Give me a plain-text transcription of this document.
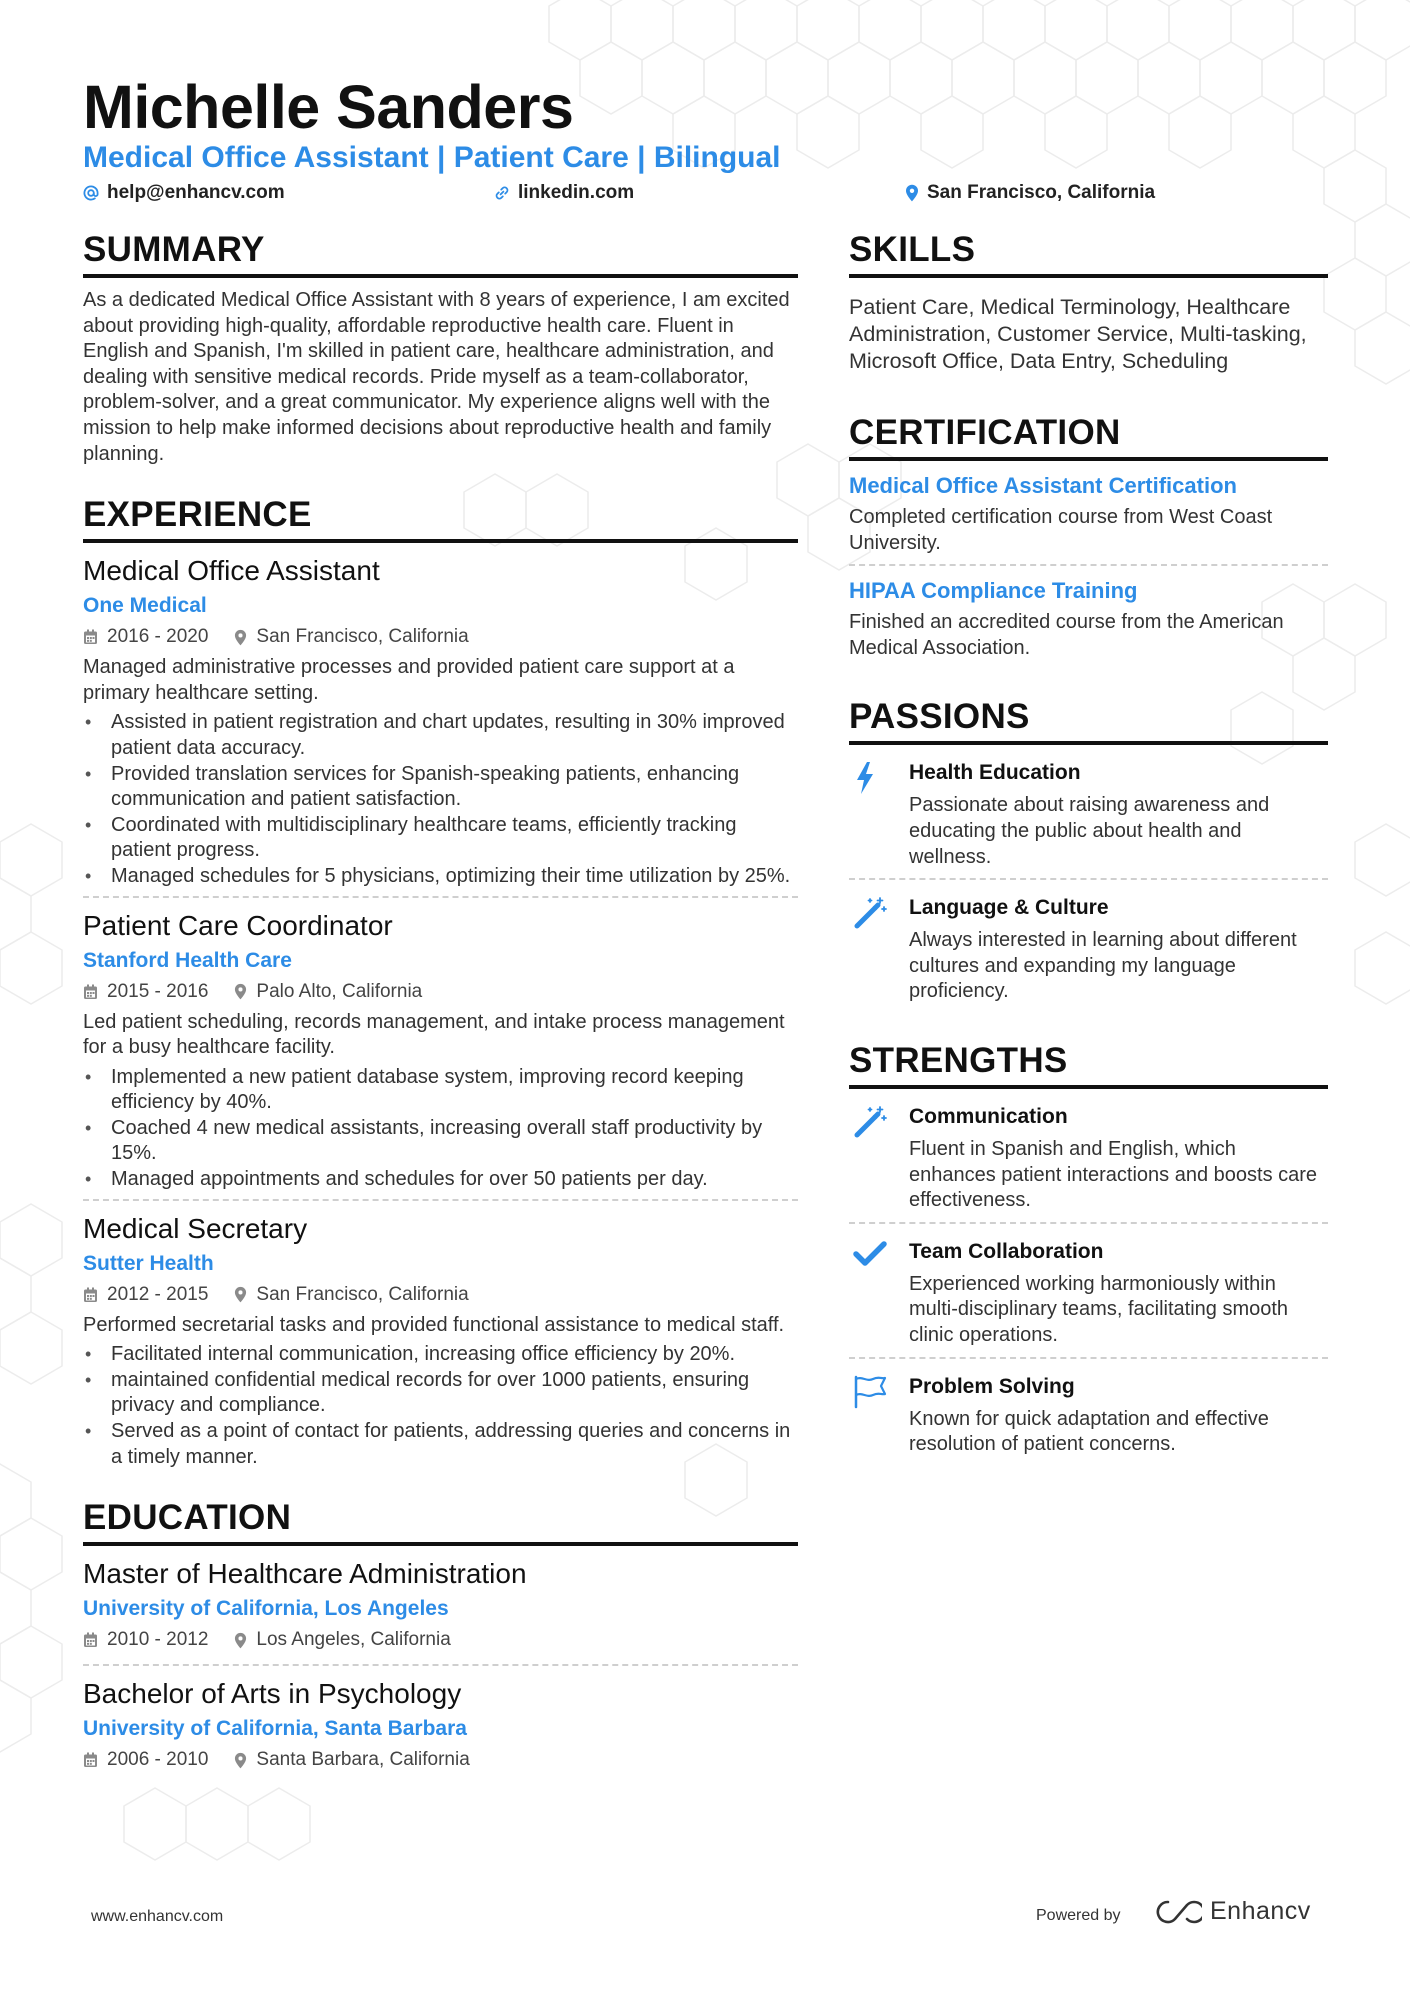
Michelle Sanders
Medical Office Assistant | Patient Care | Bilingual
help@enhancv.com	linkedin.com	San Francisco, California
SUMMARY
As a dedicated Medical Office Assistant with 8 years of experience, I am excited about providing high-quality, affordable reproductive health care. Fluent in English and Spanish, I'm skilled in patient care, healthcare administration, and dealing with sensitive medical records. Pride myself as a team-collaborator, problem-solver, and a great communicator. My experience aligns well with the mission to help make informed decisions about reproductive health and family planning.
EXPERIENCE
Medical Office Assistant
One Medical
2016 - 2020	San Francisco, California
Managed administrative processes and provided patient care support at a primary healthcare setting.
• Assisted in patient registration and chart updates, resulting in 30% improved patient data accuracy.
• Provided translation services for Spanish-speaking patients, enhancing communication and patient satisfaction.
• Coordinated with multidisciplinary healthcare teams, efficiently tracking patient progress.
• Managed schedules for 5 physicians, optimizing their time utilization by 25%.
Patient Care Coordinator
Stanford Health Care
2015 - 2016	Palo Alto, California
Led patient scheduling, records management, and intake process management for a busy healthcare facility.
• Implemented a new patient database system, improving record keeping efficiency by 40%.
• Coached 4 new medical assistants, increasing overall staff productivity by 15%.
• Managed appointments and schedules for over 50 patients per day.
Medical Secretary
Sutter Health
2012 - 2015	San Francisco, California
Performed secretarial tasks and provided functional assistance to medical staff.
• Facilitated internal communication, increasing office efficiency by 20%.
• maintained confidential medical records for over 1000 patients, ensuring privacy and compliance.
• Served as a point of contact for patients, addressing queries and concerns in a timely manner.
EDUCATION
Master of Healthcare Administration
University of California, Los Angeles
2010 - 2012	Los Angeles, California
Bachelor of Arts in Psychology
University of California, Santa Barbara
2006 - 2010	Santa Barbara, California
SKILLS
Patient Care, Medical Terminology, Healthcare Administration, Customer Service, Multi-tasking, Microsoft Office, Data Entry, Scheduling
CERTIFICATION
Medical Office Assistant Certification
Completed certification course from West Coast University.
HIPAA Compliance Training
Finished an accredited course from the American Medical Association.
PASSIONS
Health Education
Passionate about raising awareness and educating the public about health and wellness.
Language & Culture
Always interested in learning about different cultures and expanding my language proficiency.
STRENGTHS
Communication
Fluent in Spanish and English, which enhances patient interactions and boosts care effectiveness.
Team Collaboration
Experienced working harmoniously within multi-disciplinary teams, facilitating smooth clinic operations.
Problem Solving
Known for quick adaptation and effective resolution of patient concerns.
www.enhancv.com	Powered by	Enhancv
